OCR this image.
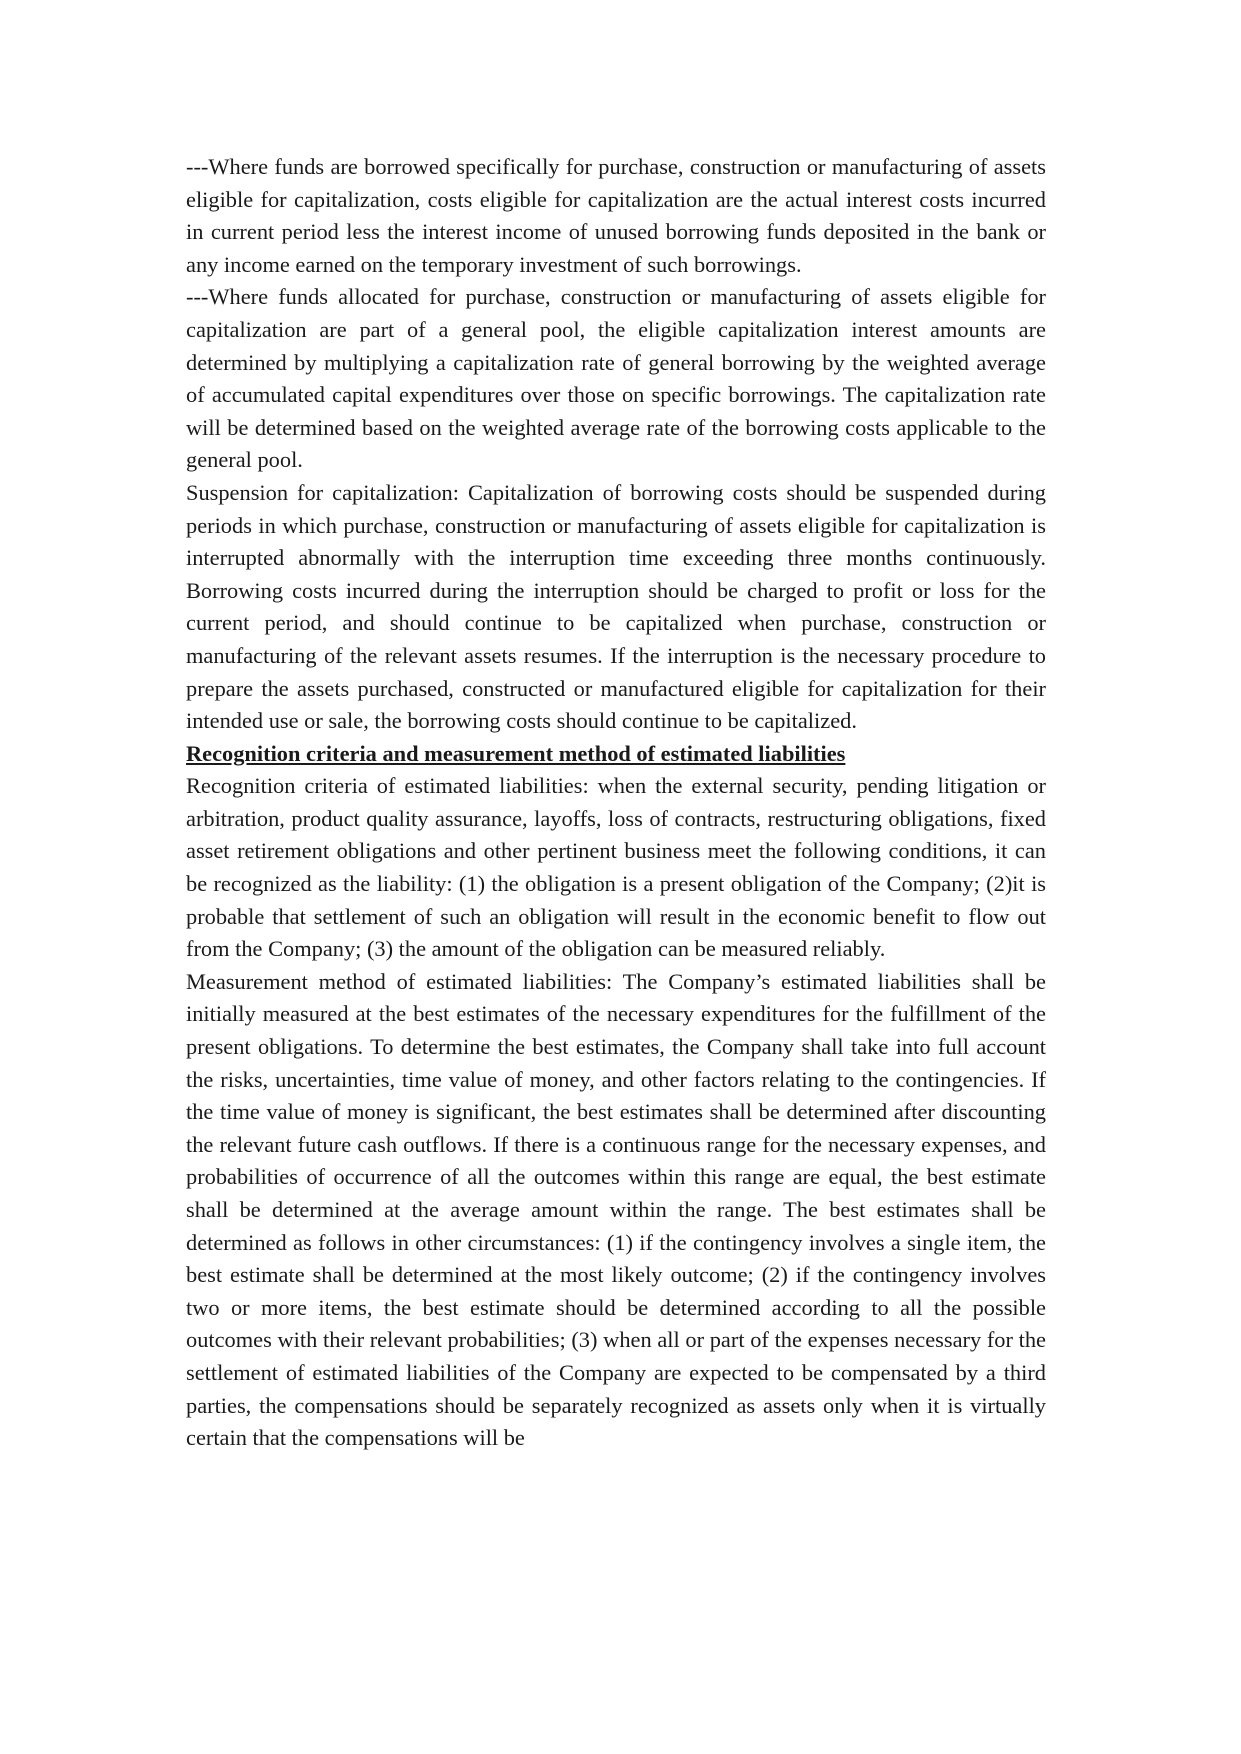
---Where funds are borrowed specifically for purchase, construction or manufacturing of assets eligible for capitalization, costs eligible for capitalization are the actual interest costs incurred in current period less the interest income of unused borrowing funds deposited in the bank or any income earned on the temporary investment of such borrowings.

---Where funds allocated for purchase, construction or manufacturing of assets eligible for capitalization are part of a general pool, the eligible capitalization interest amounts are determined by multiplying a capitalization rate of general borrowing by the weighted average of accumulated capital expenditures over those on specific borrowings. The capitalization rate will be determined based on the weighted average rate of the borrowing costs applicable to the general pool.

Suspension for capitalization: Capitalization of borrowing costs should be suspended during periods in which purchase, construction or manufacturing of assets eligible for capitalization is interrupted abnormally with the interruption time exceeding three months continuously. Borrowing costs incurred during the interruption should be charged to profit or loss for the current period, and should continue to be capitalized when purchase, construction or manufacturing of the relevant assets resumes. If the interruption is the necessary procedure to prepare the assets purchased, constructed or manufactured eligible for capitalization for their intended use or sale, the borrowing costs should continue to be capitalized.

Recognition criteria and measurement method of estimated liabilities

Recognition criteria of estimated liabilities: when the external security, pending litigation or arbitration, product quality assurance, layoffs, loss of contracts, restructuring obligations, fixed asset retirement obligations and other pertinent business meet the following conditions, it can be recognized as the liability: (1) the obligation is a present obligation of the Company; (2)it is probable that settlement of such an obligation will result in the economic benefit to flow out from the Company; (3) the amount of the obligation can be measured reliably.

Measurement method of estimated liabilities: The Company’s estimated liabilities shall be initially measured at the best estimates of the necessary expenditures for the fulfillment of the present obligations. To determine the best estimates, the Company shall take into full account the risks, uncertainties, time value of money, and other factors relating to the contingencies. If the time value of money is significant, the best estimates shall be determined after discounting the relevant future cash outflows. If there is a continuous range for the necessary expenses, and probabilities of occurrence of all the outcomes within this range are equal, the best estimate shall be determined at the average amount within the range. The best estimates shall be determined as follows in other circumstances: (1) if the contingency involves a single item, the best estimate shall be determined at the most likely outcome; (2) if the contingency involves two or more items, the best estimate should be determined according to all the possible outcomes with their relevant probabilities; (3) when all or part of the expenses necessary for the settlement of estimated liabilities of the Company are expected to be compensated by a third parties, the compensations should be separately recognized as assets only when it is virtually certain that the compensations will be
